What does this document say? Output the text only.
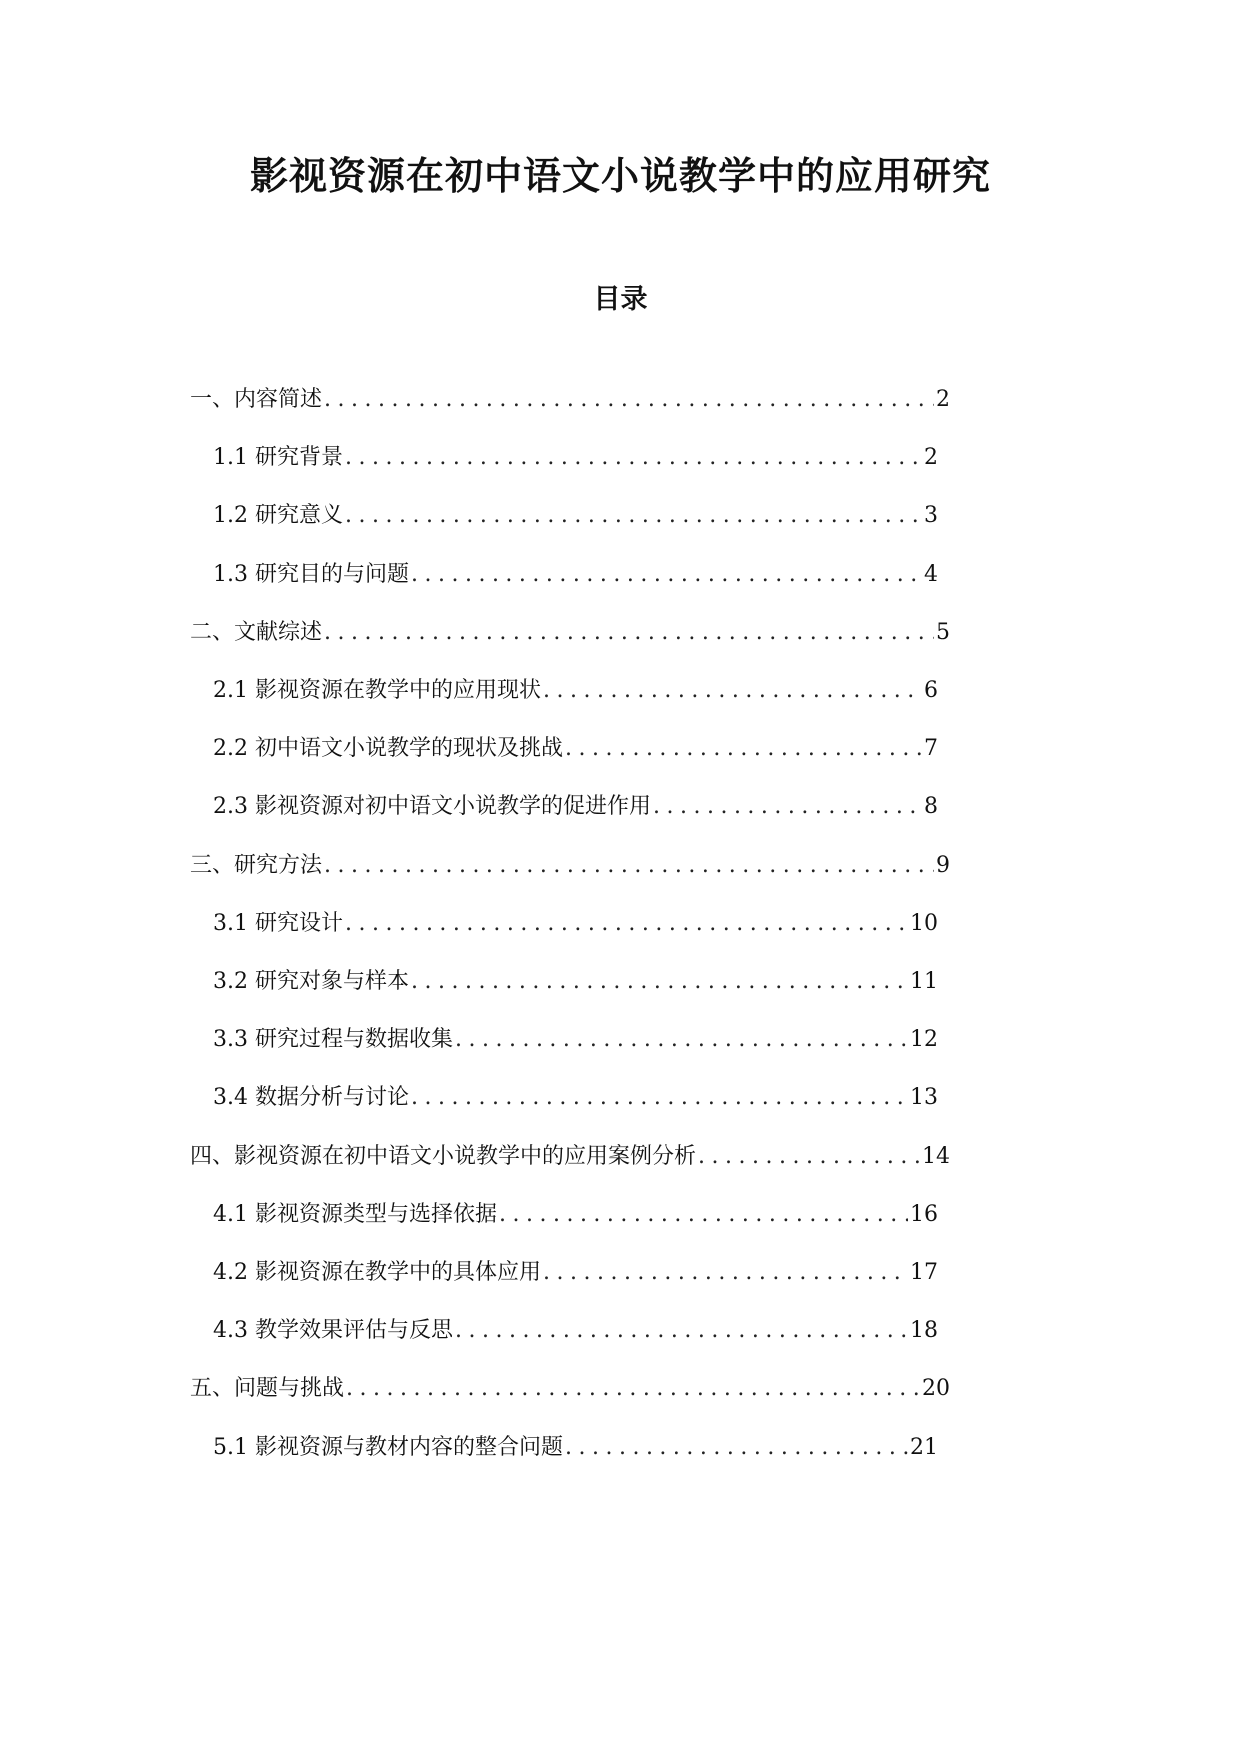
影视资源在初中语文小说教学中的应用研究
目录
一、内容简述 .....	2
1.1 研究背景 .....	2
1.2 研究意义 .....	3
1.3 研究目的与问题 .....	4
二、文献综述 .....	5
2.1 影视资源在教学中的应用现状 .....	6
2.2 初中语文小说教学的现状及挑战 .....	7
2.3 影视资源对初中语文小说教学的促进作用 .....	8
三、研究方法 .....	9
3.1 研究设计 .....	10
3.2 研究对象与样本 .....	11
3.3 研究过程与数据收集 .....	12
3.4 数据分析与讨论 .....	13
四、影视资源在初中语文小说教学中的应用案例分析 .....	14
4.1 影视资源类型与选择依据 .....	16
4.2 影视资源在教学中的具体应用 .....	17
4.3 教学效果评估与反思 .....	18
五、问题与挑战 .....	20
5.1 影视资源与教材内容的整合问题 .....	21
